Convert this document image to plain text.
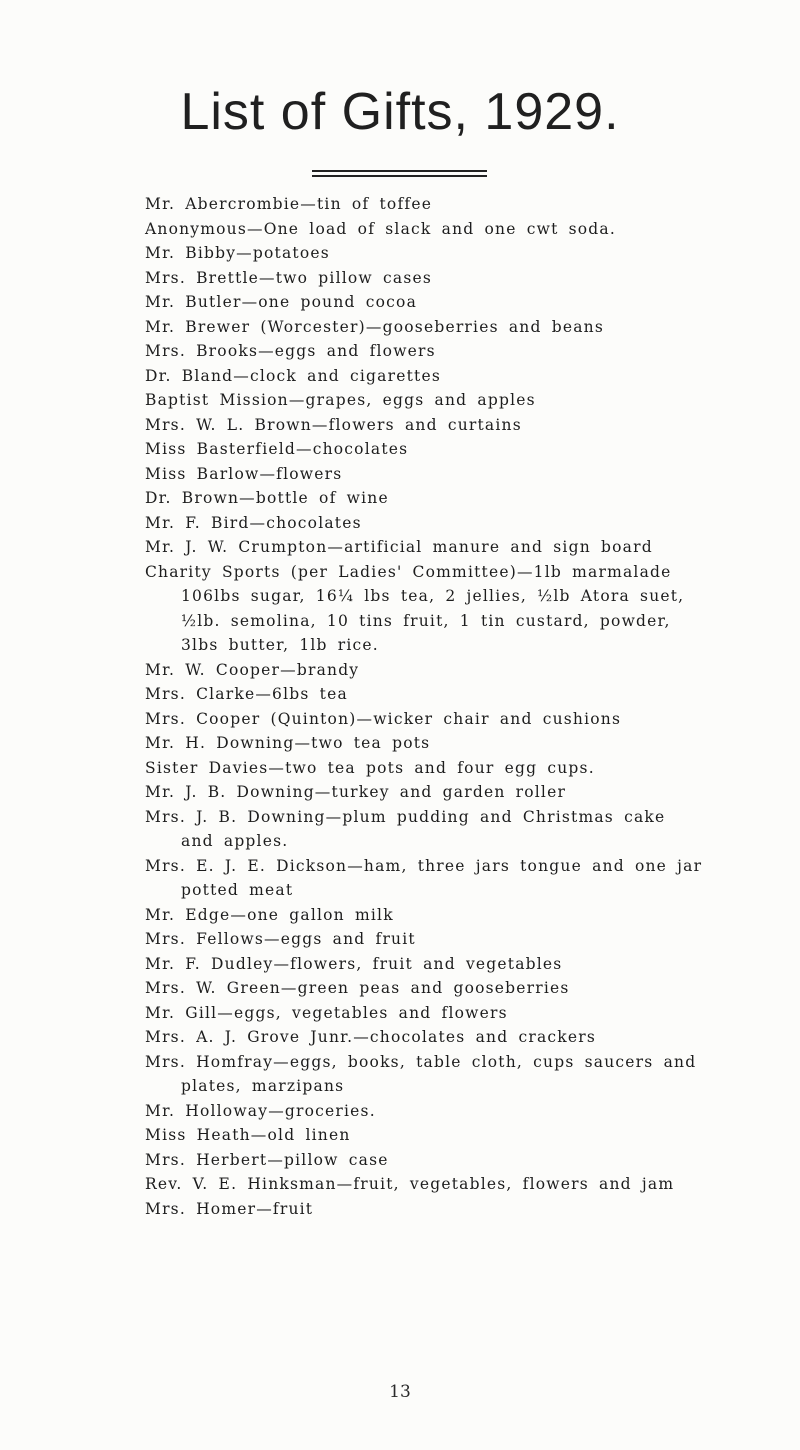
List of Gifts, 1929.
Mr. Abercrombie—tin of toffee
Anonymous—One load of slack and one cwt soda.
Mr. Bibby—potatoes
Mrs. Brettle—two pillow cases
Mr. Butler—one pound cocoa
Mr. Brewer (Worcester)—gooseberries and beans
Mrs. Brooks—eggs and flowers
Dr. Bland—clock and cigarettes
Baptist Mission—grapes, eggs and apples
Mrs. W. L. Brown—flowers and curtains
Miss Basterfield—chocolates
Miss Barlow—flowers
Dr. Brown—bottle of wine
Mr. F. Bird—chocolates
Mr. J. W. Crumpton—artificial manure and sign board
Charity Sports (per Ladies' Committee)—1lb marmalade 106lbs sugar, 16¼ lbs tea, 2 jellies, ½lb Atora suet, ½lb. semolina, 10 tins fruit, 1 tin custard, powder, 3lbs butter, 1lb rice.
Mr. W. Cooper—brandy
Mrs. Clarke—6lbs tea
Mrs. Cooper (Quinton)—wicker chair and cushions
Mr. H. Downing—two tea pots
Sister Davies—two tea pots and four egg cups.
Mr. J. B. Downing—turkey and garden roller
Mrs. J. B. Downing—plum pudding and Christmas cake and apples.
Mrs. E. J. E. Dickson—ham, three jars tongue and one jar potted meat
Mr. Edge—one gallon milk
Mrs. Fellows—eggs and fruit
Mr. F. Dudley—flowers, fruit and vegetables
Mrs. W. Green—green peas and gooseberries
Mr. Gill—eggs, vegetables and flowers
Mrs. A. J. Grove Junr.—chocolates and crackers
Mrs. Homfray—eggs, books, table cloth, cups saucers and plates, marzipans
Mr. Holloway—groceries.
Miss Heath—old linen
Mrs. Herbert—pillow case
Rev. V. E. Hinksman—fruit, vegetables, flowers and jam
Mrs. Homer—fruit
13
